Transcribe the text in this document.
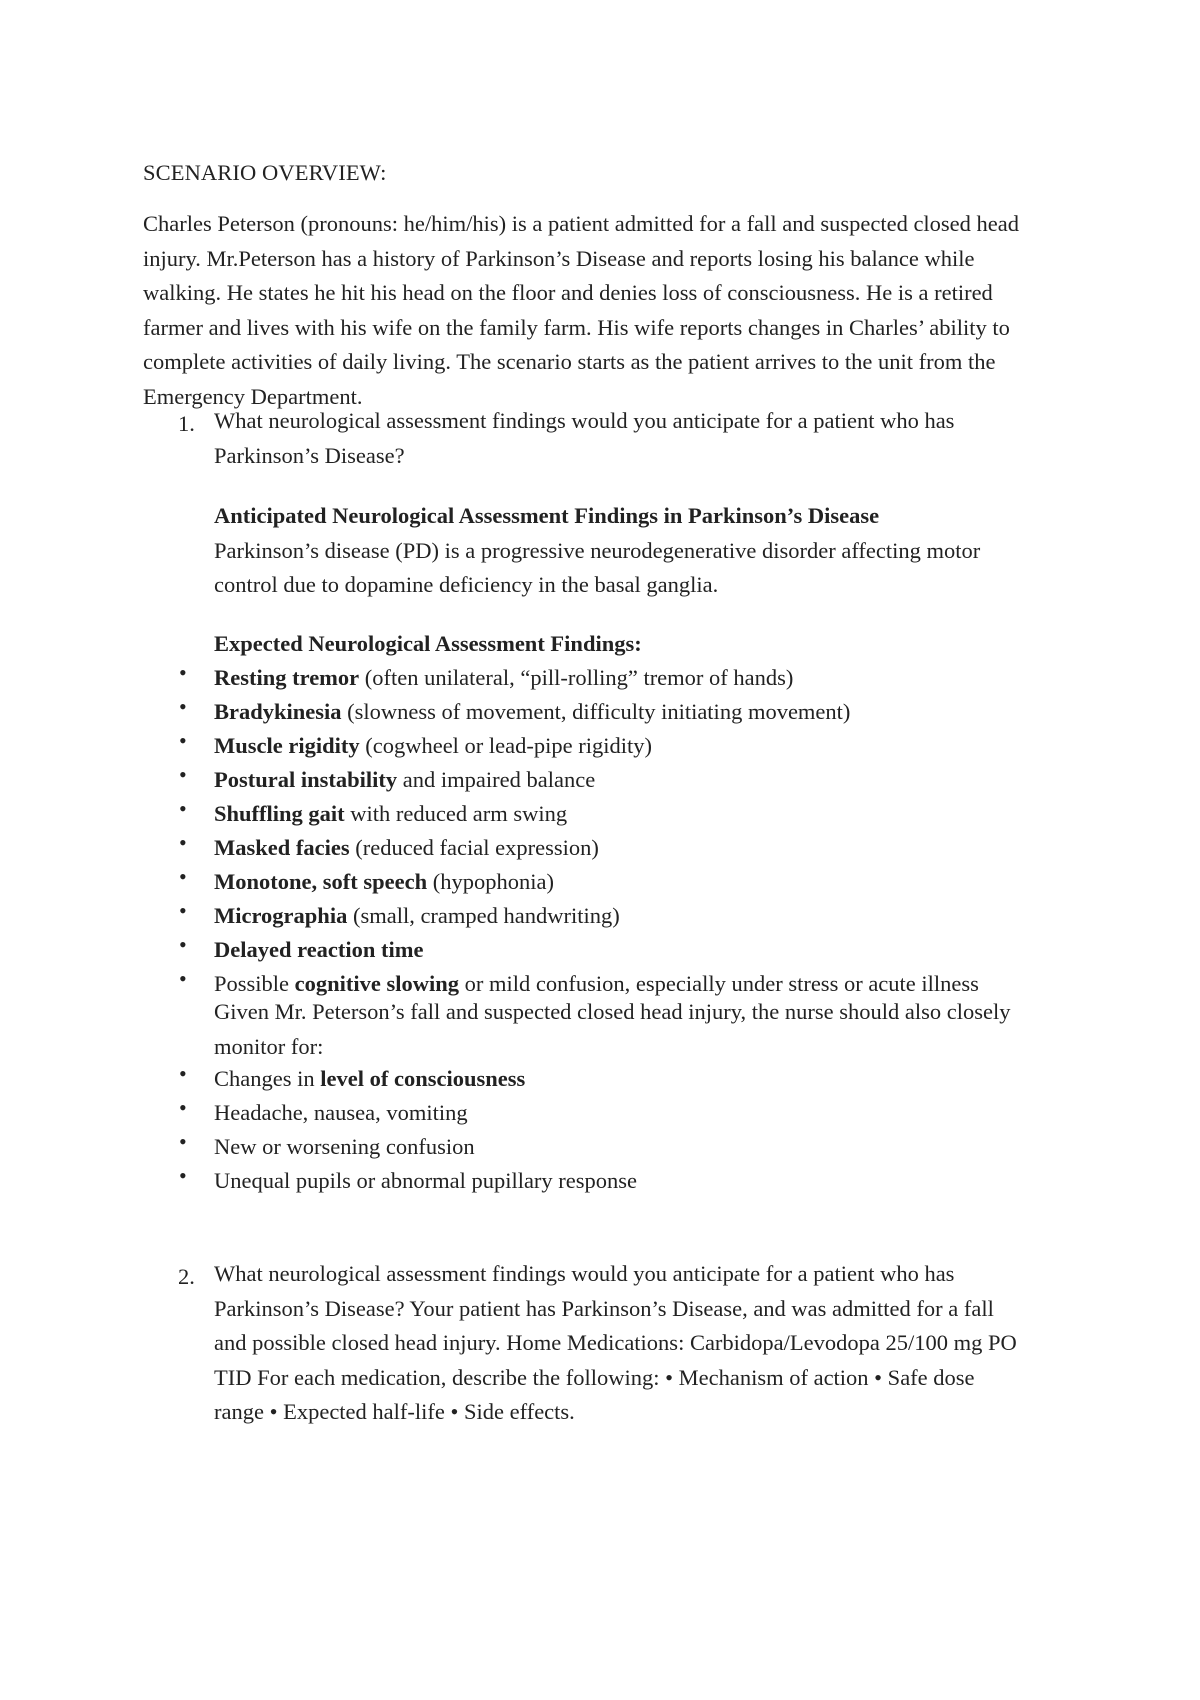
SCENARIO OVERVIEW:
Charles Peterson (pronouns: he/him/his) is a patient admitted for a fall and suspected closed head
injury. Mr.Peterson has a history of Parkinson’s Disease and reports losing his balance while
walking. He states he hit his head on the floor and denies loss of consciousness. He is a retired
farmer and lives with his wife on the family farm. His wife reports changes in Charles’ ability to
complete activities of daily living. The scenario starts as the patient arrives to the unit from the
Emergency Department.
1. What neurological assessment findings would you anticipate for a patient who has
Parkinson’s Disease?
Anticipated Neurological Assessment Findings in Parkinson’s Disease
Parkinson’s disease (PD) is a progressive neurodegenerative disorder affecting motor
control due to dopamine deficiency in the basal ganglia.
Expected Neurological Assessment Findings:
• Resting tremor (often unilateral, “pill-rolling” tremor of hands)
• Bradykinesia (slowness of movement, difficulty initiating movement)
• Muscle rigidity (cogwheel or lead-pipe rigidity)
• Postural instability and impaired balance
• Shuffling gait with reduced arm swing
• Masked facies (reduced facial expression)
• Monotone, soft speech (hypophonia)
• Micrographia (small, cramped handwriting)
• Delayed reaction time
• Possible cognitive slowing or mild confusion, especially under stress or acute illness
Given Mr. Peterson’s fall and suspected closed head injury, the nurse should also closely
monitor for:
• Changes in level of consciousness
• Headache, nausea, vomiting
• New or worsening confusion
• Unequal pupils or abnormal pupillary response
2. What neurological assessment findings would you anticipate for a patient who has
Parkinson’s Disease? Your patient has Parkinson’s Disease, and was admitted for a fall
and possible closed head injury. Home Medications: Carbidopa/Levodopa 25/100 mg PO
TID For each medication, describe the following: • Mechanism of action • Safe dose
range • Expected half-life • Side effects.
